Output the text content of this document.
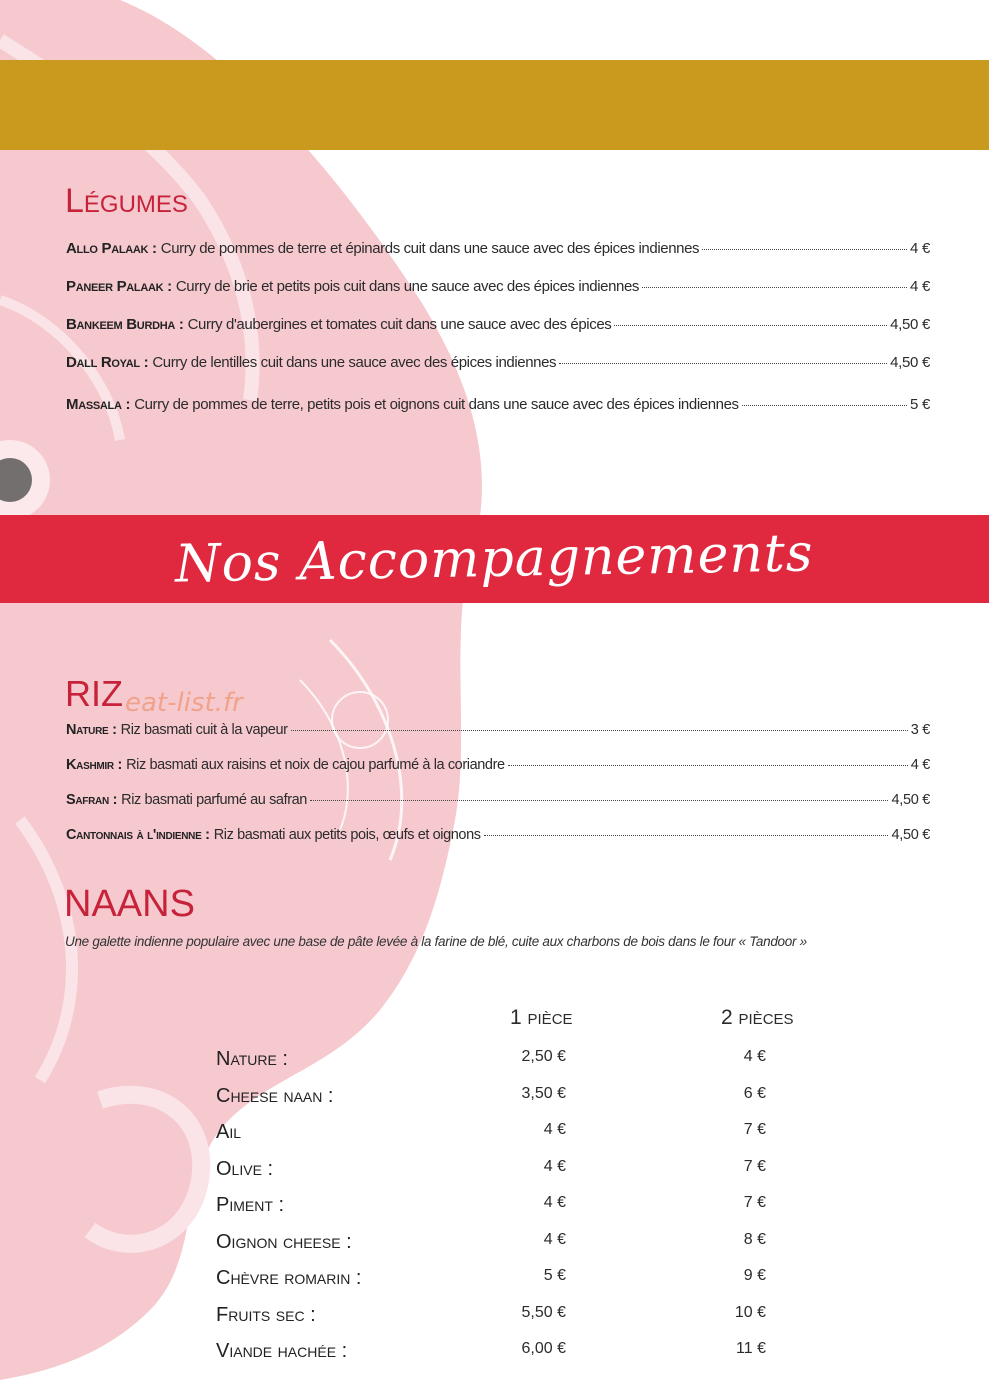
Nos Accompagnements
Légumes
Allo Palaak : Curry de pommes de terre et épinards cuit dans une sauce avec des épices indiennes	4 €
Paneer Palaak : Curry de brie et petits pois cuit dans une sauce avec des épices indiennes	4 €
Bankeem Burdha : Curry d'aubergines et tomates cuit dans une sauce avec des épices	4,50 €
Dall Royal : Curry de lentilles cuit dans une sauce avec des épices indiennes	4,50 €
Massala : Curry de pommes de terre, petits pois et oignons cuit dans une sauce avec des épices indiennes	5 €
RIZ eat-list.fr
Nature : Riz basmati cuit à la vapeur	3 €
Kashmir : Riz basmati aux raisins et noix de cajou parfumé à la coriandre	4 €
Safran : Riz basmati parfumé au safran	4,50 €
Cantonnais à l'indienne : Riz basmati aux petits pois, œufs et oignons	4,50 €
NAANS
Une galette indienne populaire avec une base de pâte levée à la farine de blé, cuite aux charbons de bois dans le four « Tandoor »
1 pièce	2 pièces
Nature :	2,50 €	4 €
Cheese naan :	3,50 €	6 €
Ail	4 €	7 €
Olive :	4 €	7 €
Piment :	4 €	7 €
Oignon cheese :	4 €	8 €
Chèvre romarin :	5 €	9 €
Fruits sec :	5,50 €	10 €
Viande hachée :	6,00 €	11 €
